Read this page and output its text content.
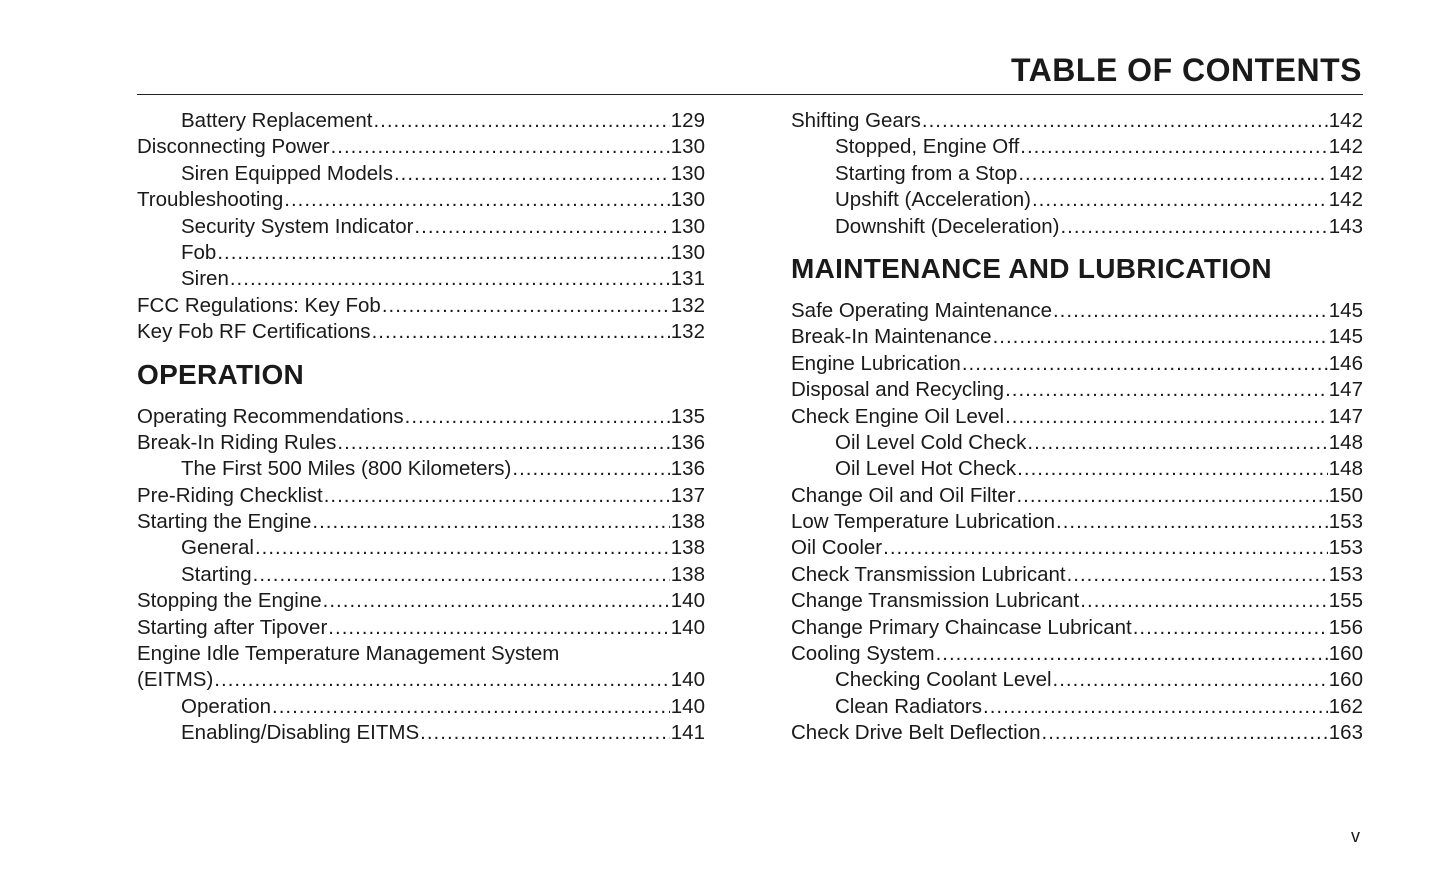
TABLE OF CONTENTS
Battery Replacement .....	129
Disconnecting Power .....	130
Siren Equipped Models .....	130
Troubleshooting .....	130
Security System Indicator .....	130
Fob .....	130
Siren .....	131
FCC Regulations: Key Fob .....	132
Key Fob RF Certifications .....	132
OPERATION
Operating Recommendations .....	135
Break-In Riding Rules .....	136
The First 500 Miles (800 Kilometers) .....	136
Pre-Riding Checklist .....	137
Starting the Engine .....	138
General .....	138
Starting .....	138
Stopping the Engine .....	140
Starting after Tipover .....	140
Engine Idle Temperature Management System
(EITMS) .....	140
Operation .....	140
Enabling/Disabling EITMS .....	141
Shifting Gears .....	142
Stopped, Engine Off .....	142
Starting from a Stop .....	142
Upshift (Acceleration) .....	142
Downshift (Deceleration) .....	143
MAINTENANCE AND LUBRICATION
Safe Operating Maintenance .....	145
Break-In Maintenance .....	145
Engine Lubrication .....	146
Disposal and Recycling .....	147
Check Engine Oil Level .....	147
Oil Level Cold Check .....	148
Oil Level Hot Check .....	148
Change Oil and Oil Filter .....	150
Low Temperature Lubrication .....	153
Oil Cooler .....	153
Check Transmission Lubricant .....	153
Change Transmission Lubricant .....	155
Change Primary Chaincase Lubricant .....	156
Cooling System .....	160
Checking Coolant Level .....	160
Clean Radiators .....	162
Check Drive Belt Deflection .....	163
v
